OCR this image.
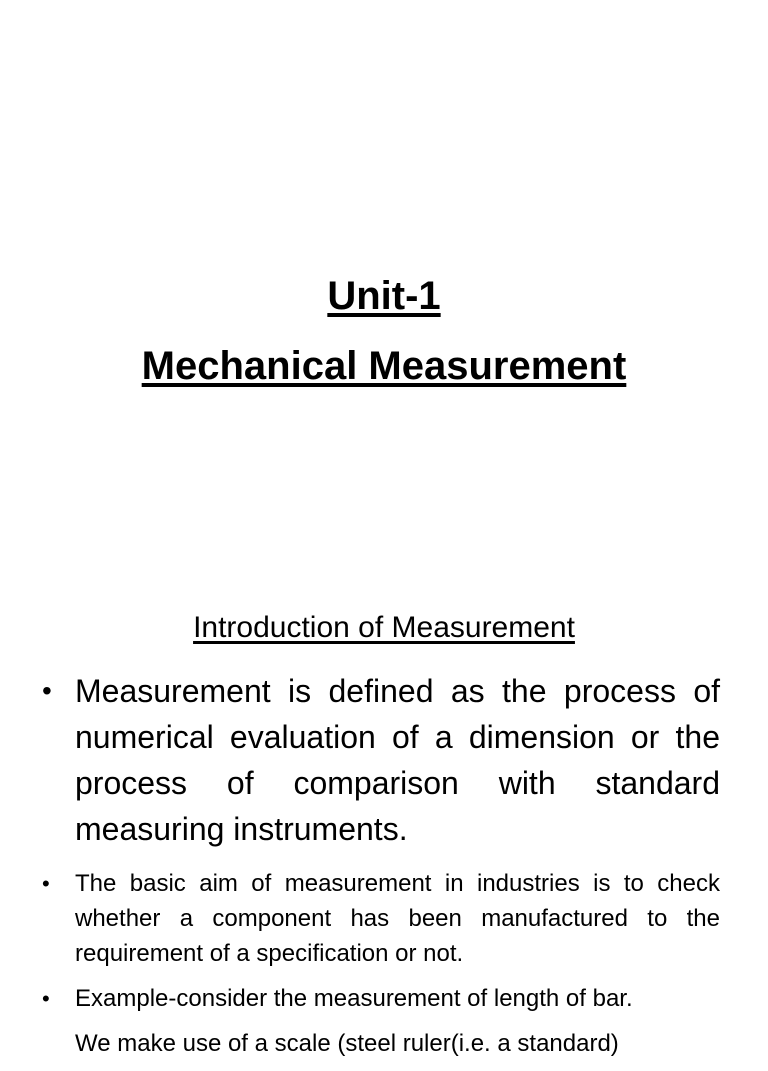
Unit-1
Mechanical Measurement
Introduction of Measurement
• Measurement is defined as the process of numerical evaluation of a dimension or the process of comparison with standard measuring instruments.
• The basic aim of measurement in industries is to check whether a component has been manufactured to the requirement of a specification or not.
• Example-consider the measurement of length of bar.
We make use of a scale (steel ruler(i.e. a standard)
